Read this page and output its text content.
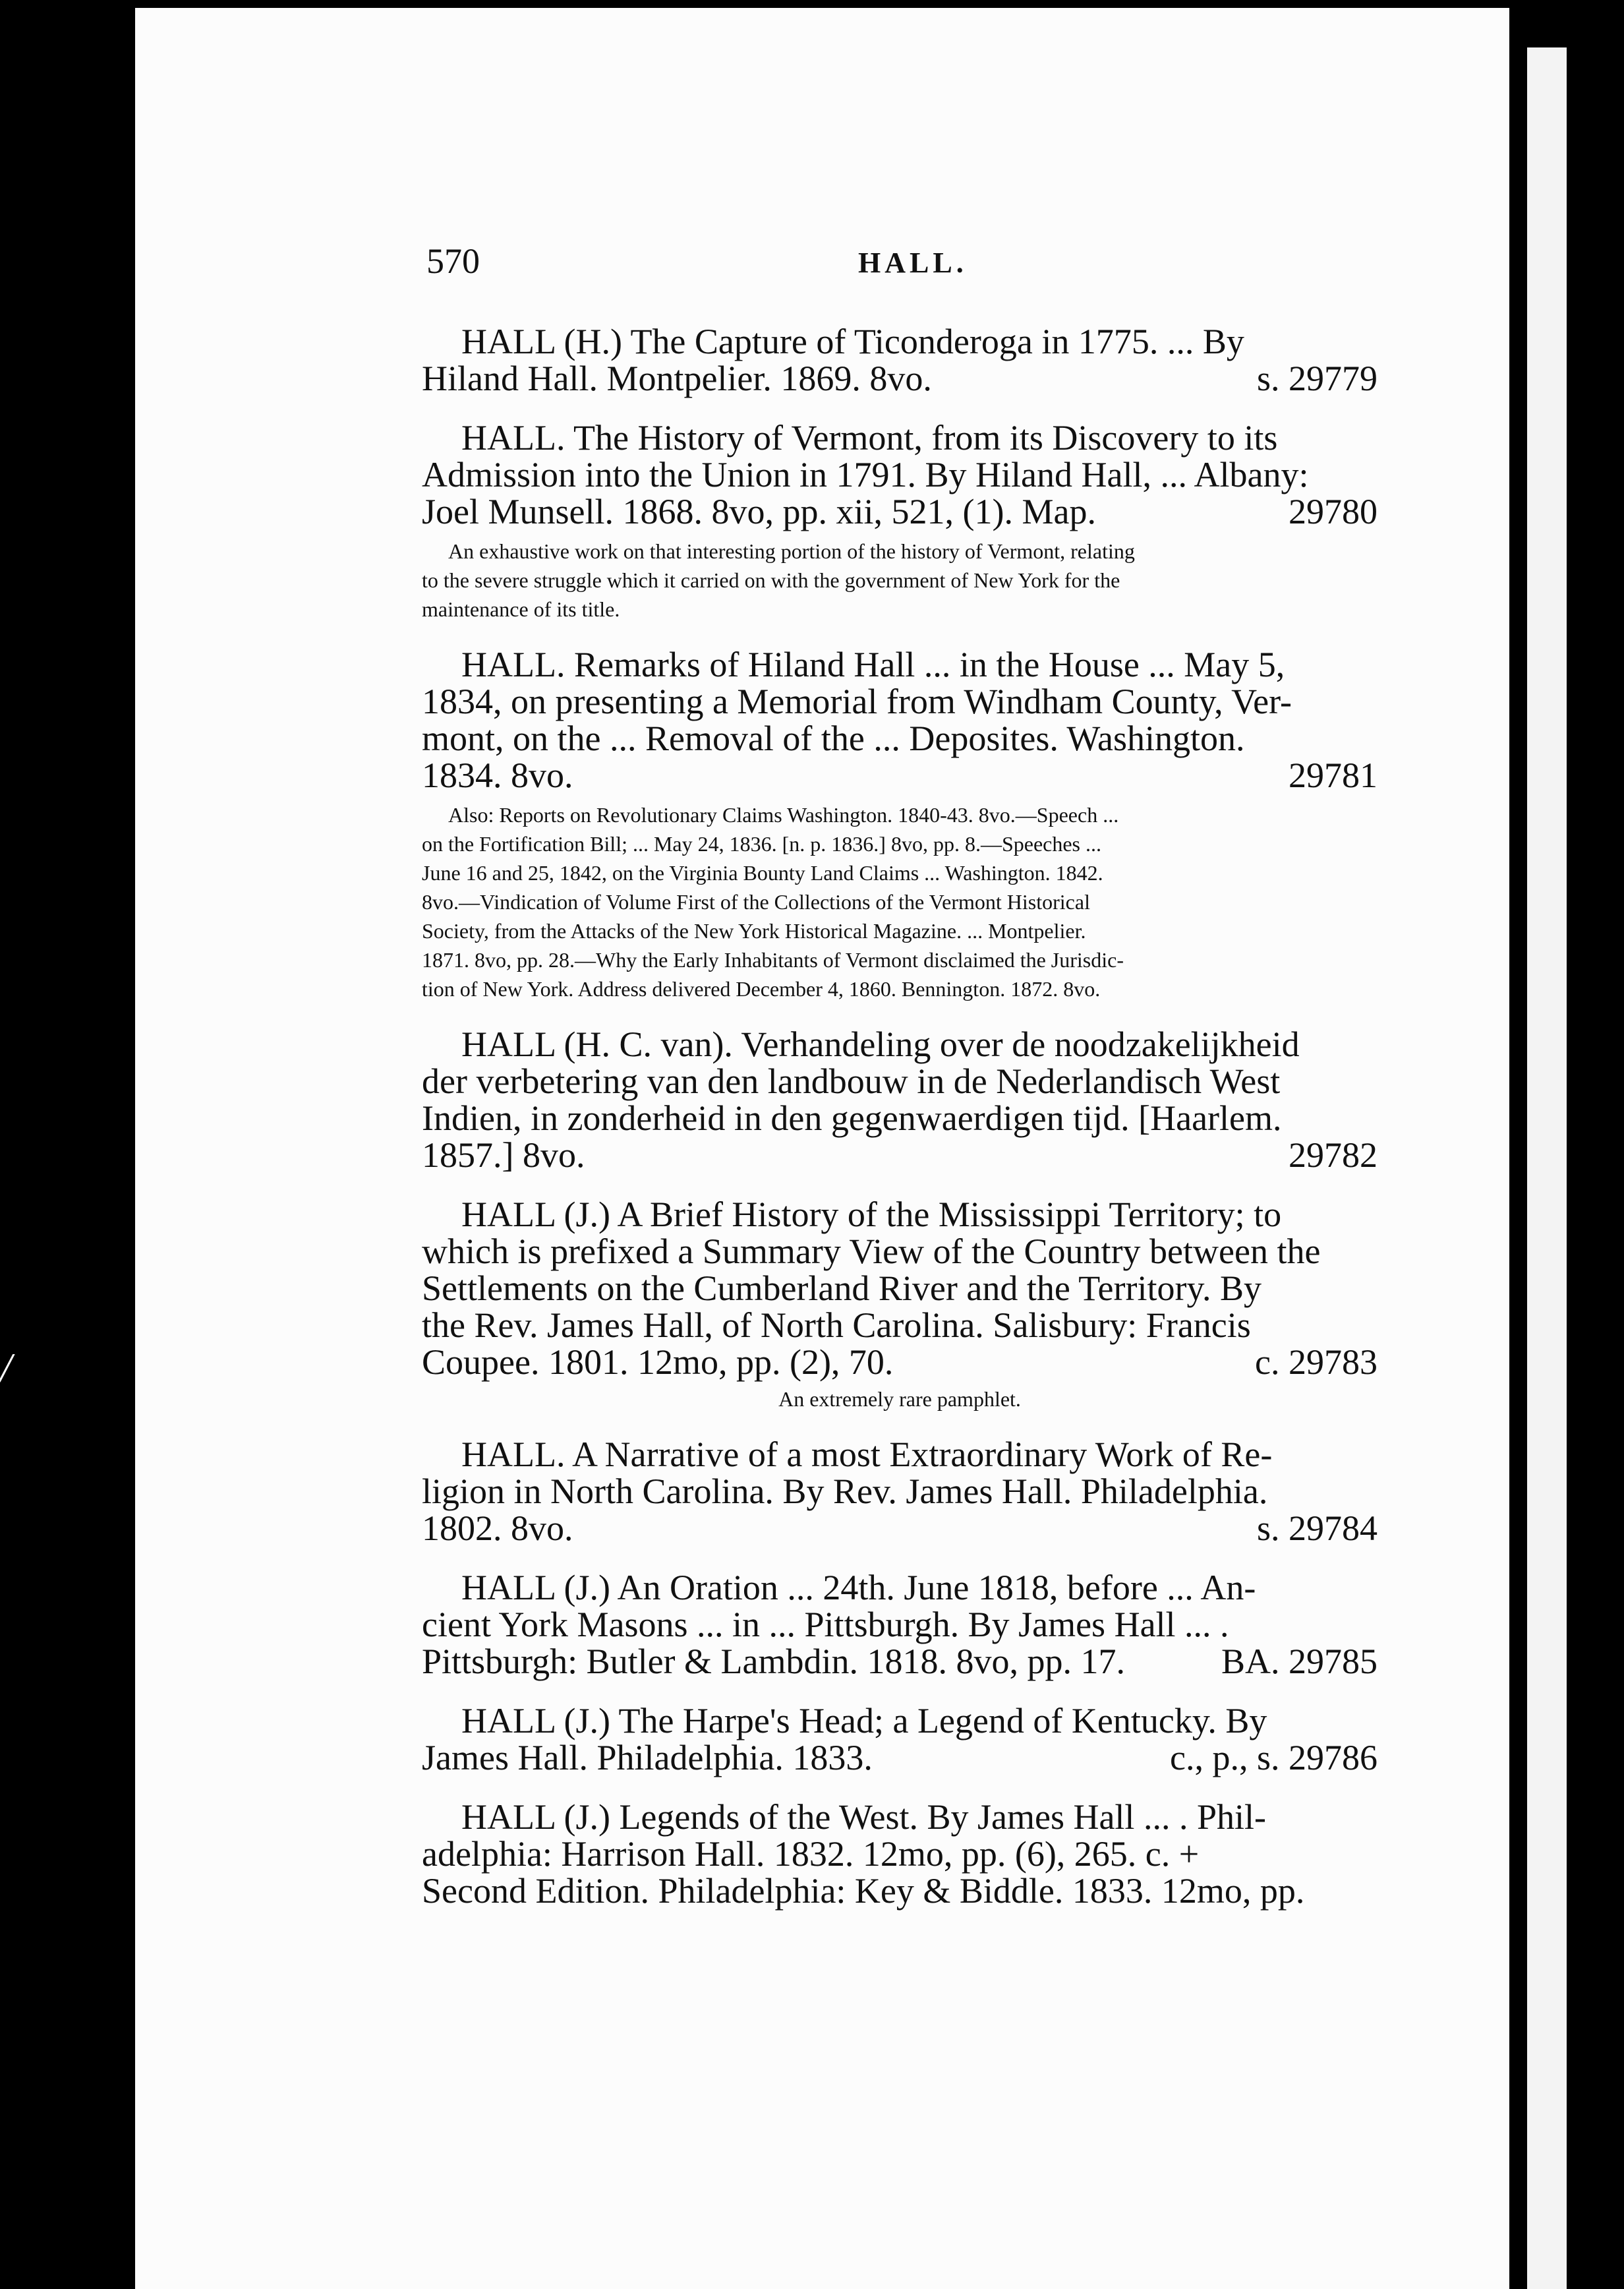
/
570	HALL.
HALL (H.) The Capture of Ticonderoga in 1775. ... By
Hiland Hall. Montpelier. 1869. 8vo.	s. 29779
HALL. The History of Vermont, from its Discovery to its
Admission into the Union in 1791. By Hiland Hall, ... Albany:
Joel Munsell. 1868. 8vo, pp. xii, 521, (1). Map.	29780
An exhaustive work on that interesting portion of the history of Vermont, relating
to the severe struggle which it carried on with the government of New York for the
maintenance of its title.
HALL. Remarks of Hiland Hall ... in the House ... May 5,
1834, on presenting a Memorial from Windham County, Ver-
mont, on the ... Removal of the ... Deposites. Washington.
1834. 8vo.	29781
Also: Reports on Revolutionary Claims Washington. 1840-43. 8vo.—Speech ...
on the Fortification Bill; ... May 24, 1836. [n. p. 1836.] 8vo, pp. 8.—Speeches ...
June 16 and 25, 1842, on the Virginia Bounty Land Claims ... Washington. 1842.
8vo.—Vindication of Volume First of the Collections of the Vermont Historical
Society, from the Attacks of the New York Historical Magazine. ... Montpelier.
1871. 8vo, pp. 28.—Why the Early Inhabitants of Vermont disclaimed the Jurisdic-
tion of New York. Address delivered December 4, 1860. Bennington. 1872. 8vo.
HALL (H. C. van). Verhandeling over de noodzakelijkheid
der verbetering van den landbouw in de Nederlandisch West
Indien, in zonderheid in den gegenwaerdigen tijd. [Haarlem.
1857.] 8vo.	29782
HALL (J.) A Brief History of the Mississippi Territory; to
which is prefixed a Summary View of the Country between the
Settlements on the Cumberland River and the Territory. By
the Rev. James Hall, of North Carolina. Salisbury: Francis
Coupee. 1801. 12mo, pp. (2), 70.	c. 29783
An extremely rare pamphlet.
HALL. A Narrative of a most Extraordinary Work of Re-
ligion in North Carolina. By Rev. James Hall. Philadelphia.
1802. 8vo.	s. 29784
HALL (J.) An Oration ... 24th. June 1818, before ... An-
cient York Masons ... in ... Pittsburgh. By James Hall ... .
Pittsburgh: Butler & Lambdin. 1818. 8vo, pp. 17.	BA. 29785
HALL (J.) The Harpe's Head; a Legend of Kentucky. By
James Hall. Philadelphia. 1833.	c., p., s. 29786
HALL (J.) Legends of the West. By James Hall ... . Phil-
adelphia: Harrison Hall. 1832. 12mo, pp. (6), 265. c. +
Second Edition. Philadelphia: Key & Biddle. 1833. 12mo, pp.
